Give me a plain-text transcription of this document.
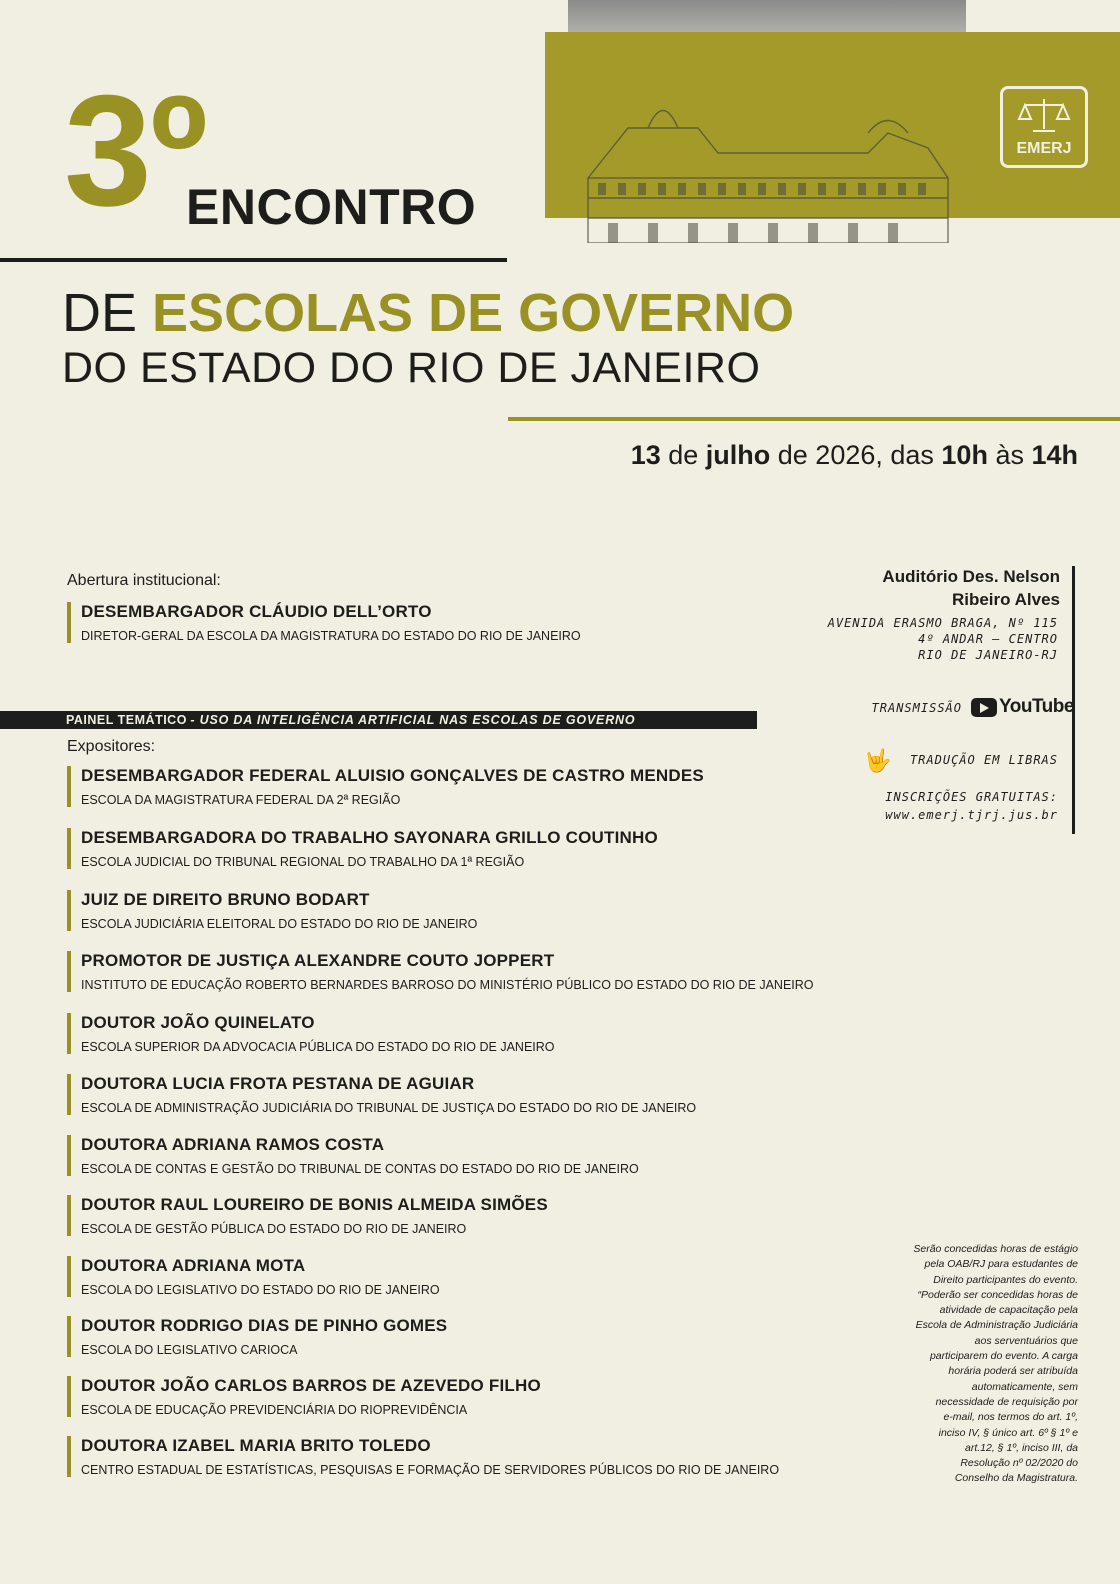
EMERJ
3º
ENCONTRO
DE ESCOLAS DE GOVERNO
DO ESTADO DO RIO DE JANEIRO
13 de julho de 2026, das 10h às 14h
Abertura institucional:
DESEMBARGADOR CLÁUDIO DELL’ORTO
DIRETOR-GERAL DA ESCOLA DA MAGISTRATURA DO ESTADO DO RIO DE JANEIRO
PAINEL TEMÁTICO - USO DA INTELIGÊNCIA ARTIFICIAL NAS ESCOLAS DE GOVERNO
Expositores:
DESEMBARGADOR FEDERAL ALUISIO GONÇALVES DE CASTRO MENDES
ESCOLA DA MAGISTRATURA FEDERAL DA 2ª REGIÃO
DESEMBARGADORA DO TRABALHO SAYONARA GRILLO COUTINHO
ESCOLA JUDICIAL DO TRIBUNAL REGIONAL DO TRABALHO DA 1ª REGIÃO
JUIZ DE DIREITO BRUNO BODART
ESCOLA JUDICIÁRIA ELEITORAL DO ESTADO DO RIO DE JANEIRO
PROMOTOR DE JUSTIÇA ALEXANDRE COUTO JOPPERT
INSTITUTO DE EDUCAÇÃO ROBERTO BERNARDES BARROSO DO MINISTÉRIO PÚBLICO DO ESTADO DO RIO DE JANEIRO
DOUTOR JOÃO QUINELATO
ESCOLA SUPERIOR DA ADVOCACIA PÚBLICA DO ESTADO DO RIO DE JANEIRO
DOUTORA LUCIA FROTA PESTANA DE AGUIAR
ESCOLA DE ADMINISTRAÇÃO JUDICIÁRIA DO TRIBUNAL DE JUSTIÇA DO ESTADO DO RIO DE JANEIRO
DOUTORA ADRIANA RAMOS COSTA
ESCOLA DE CONTAS E GESTÃO DO TRIBUNAL DE CONTAS DO ESTADO DO RIO DE JANEIRO
DOUTOR RAUL LOUREIRO DE BONIS ALMEIDA SIMÕES
ESCOLA DE GESTÃO PÚBLICA DO ESTADO DO RIO DE JANEIRO
DOUTORA ADRIANA MOTA
ESCOLA DO LEGISLATIVO DO ESTADO DO RIO DE JANEIRO
DOUTOR RODRIGO DIAS DE PINHO GOMES
ESCOLA DO LEGISLATIVO CARIOCA
DOUTOR JOÃO CARLOS BARROS DE AZEVEDO FILHO
ESCOLA DE EDUCAÇÃO PREVIDENCIÁRIA DO RIOPREVIDÊNCIA
DOUTORA IZABEL MARIA BRITO TOLEDO
CENTRO ESTADUAL DE ESTATÍSTICAS, PESQUISAS E FORMAÇÃO DE SERVIDORES PÚBLICOS DO RIO DE JANEIRO
Auditório Des. Nelson
Ribeiro Alves
AVENIDA ERASMO BRAGA, Nº 115
4º ANDAR – CENTRO
RIO DE JANEIRO-RJ
TRANSMISSÃO YouTube
🤟 TRADUÇÃO EM LIBRAS
INSCRIÇÕES GRATUITAS:
www.emerj.tjrj.jus.br
Serão concedidas horas de estágio
pela OAB/RJ para estudantes de
Direito participantes do evento.
“Poderão ser concedidas horas de
atividade de capacitação pela
Escola de Administração Judiciária
aos serventuários que
participarem do evento. A carga
horária poderá ser atribuída
automaticamente, sem
necessidade de requisição por
e-mail, nos termos do art. 1º,
inciso IV, § único art. 6º § 1º e
art.12, § 1º, inciso III, da
Resolução nº 02/2020 do
Conselho da Magistratura.
